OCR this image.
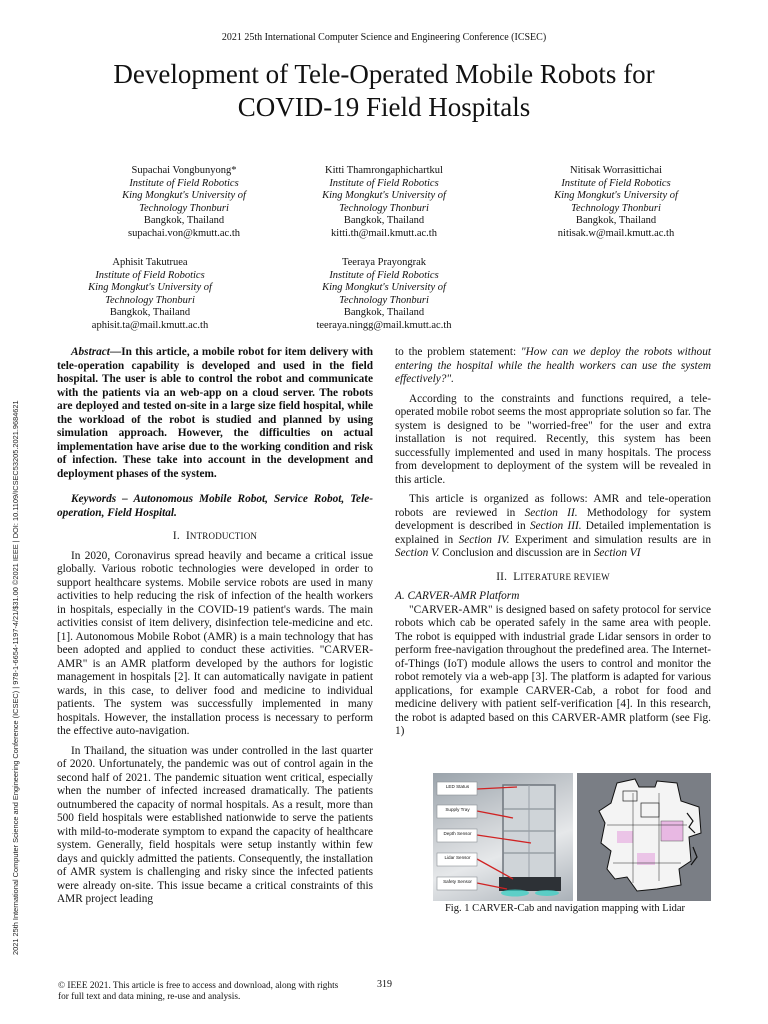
2021 25th International Computer Science and Engineering Conference (ICSEC)
Development of Tele-Operated Mobile Robots for
COVID-19 Field Hospitals
Supachai Vongbunyong*
Institute of Field Robotics
King Mongkut's University of
Technology Thonburi
Bangkok, Thailand
supachai.von@kmutt.ac.th
Kitti Thamrongaphichartkul
Institute of Field Robotics
King Mongkut's University of
Technology Thonburi
Bangkok, Thailand
kitti.th@mail.kmutt.ac.th
Nitisak Worrasittichai
Institute of Field Robotics
King Mongkut's University of
Technology Thonburi
Bangkok, Thailand
nitisak.w@mail.kmutt.ac.th
Aphisit Takutruea
Institute of Field Robotics
King Mongkut's University of
Technology Thonburi
Bangkok, Thailand
aphisit.ta@mail.kmutt.ac.th
Teeraya Prayongrak
Institute of Field Robotics
King Mongkut's University of
Technology Thonburi
Bangkok, Thailand
teeraya.ningg@mail.kmutt.ac.th
2021 25th International Computer Science and Engineering Conference (ICSEC) | 978-1-6654-1197-4/21/$31.00 ©2021 IEEE | DOI: 10.1109/ICSEC53205.2021.9684621

Abstract—In this article, a mobile robot for item delivery with tele-operation capability is developed and used in the field hospital. The user is able to control the robot and communicate with the patients via an web-app on a cloud server. The robots are deployed and tested on-site in a large size field hospital, while the workload of the robot is studied and planned by using simulation approach. However, the difficulties on actual implementation have arise due to the working condition and risk of infection. These take into account in the development and deployment phases of the system.

Keywords – Autonomous Mobile Robot, Service Robot, Tele-operation, Field Hospital.

I. INTRODUCTION

In 2020, Coronavirus spread heavily and became a critical issue globally. Various robotic technologies were developed in order to support healthcare systems. Mobile service robots are used in many activities to help reducing the risk of infection of the health workers in hospitals, especially in the COVID-19 patient's wards. The main activities consist of item delivery, disinfection tele-medicine and etc. [1]. Autonomous Mobile Robot (AMR) is a main technology that has been adopted and applied to conduct these activities. "CARVER-AMR" is an AMR platform developed by the authors for logistic management in hospitals [2]. It can automatically navigate in patient wards, in this case, to deliver food and medicine to individual patients. The system was successfully implemented in many hospitals. However, the installation process is necessary to perform the effective auto-navigation.

In Thailand, the situation was under controlled in the last quarter of 2020. Unfortunately, the pandemic was out of control again in the second half of 2021. The pandemic situation went critical, especially when the number of infected increased dramatically. The patients outnumbered the capacity of normal hospitals. As a result, more than 500 field hospitals were established nationwide to serve the patients with mild-to-moderate symptom to expand the capacity of healthcare system. Generally, field hospitals were setup instantly within few days and quickly admitted the patients. Consequently, the installation of AMR system is challenging and risky since the infected patients were already on-site. This issue became a critical constraints of this AMR project leading

to the problem statement: "How can we deploy the robots without entering the hospital while the health workers can use the system effectively?".

According to the constraints and functions required, a tele-operated mobile robot seems the most appropriate solution so far. The system is designed to be "worried-free" for the user and extra installation is not required. Recently, this system has been successfully implemented and used in many hospitals. The process from development to deployment of the system will be revealed in this article.

This article is organized as follows: AMR and tele-operation robots are reviewed in Section II. Methodology for system development is described in Section III. Detailed implementation is explained in Section IV. Experiment and simulation results are in Section V. Conclusion and discussion are in Section VI

II. LITERATURE REVIEW

A. CARVER-AMR Platform

"CARVER-AMR" is designed based on safety protocol for service robots which cab be operated safely in the same area with people. The robot is equipped with industrial grade Lidar sensors in order to perform free-navigation throughout the predefined area. The Internet-of-Things (IoT) module allows the users to control and monitor the robot remotely via a web-app [3]. The platform is adapted for various applications, for example CARVER-Cab, a robot for food and medicine delivery with patient self-verification [4]. In this research, the robot is adapted based on this CARVER-AMR platform (see Fig. 1)

LED Status
Supply Tray
Depth Sensor
Lidar Sensor
Safety Sensor
Fig. 1 CARVER-Cab and navigation mapping with Lidar
© IEEE 2021. This article is free to access and download, along with rights
for full text and data mining, re-use and analysis.
319
